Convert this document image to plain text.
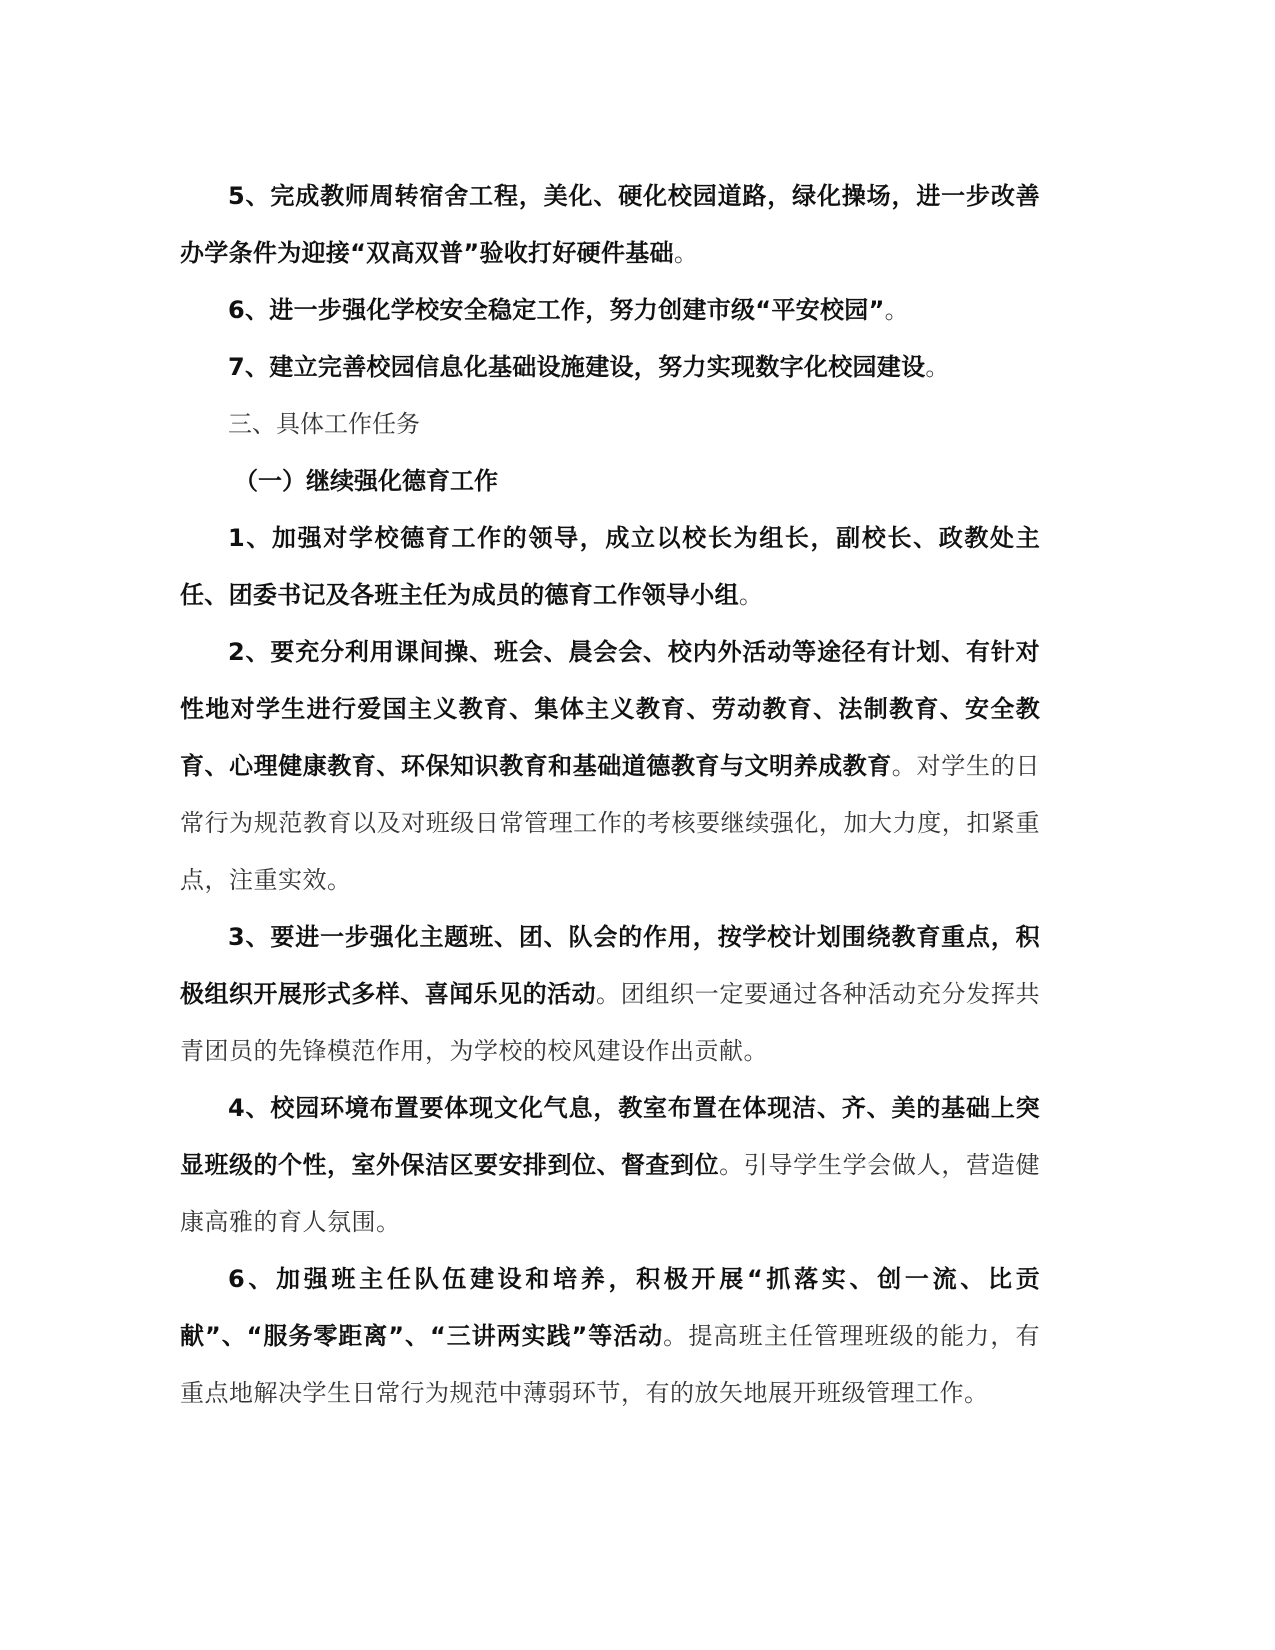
5、完成教师周转宿舍工程，美化、硬化校园道路，绿化操场，进一步改善办学条件为迎接“双高双普”验收打好硬件基础。

6、进一步强化学校安全稳定工作，努力创建市级“平安校园”。

7、建立完善校园信息化基础设施建设，努力实现数字化校园建设。

三、具体工作任务

（一）继续强化德育工作

1、加强对学校德育工作的领导，成立以校长为组长，副校长、政教处主任、团委书记及各班主任为成员的德育工作领导小组。

2、要充分利用课间操、班会、晨会会、校内外活动等途径有计划、有针对性地对学生进行爱国主义教育、集体主义教育、劳动教育、法制教育、安全教育、心理健康教育、环保知识教育和基础道德教育与文明养成教育。对学生的日常行为规范教育以及对班级日常管理工作的考核要继续强化，加大力度，扣紧重点，注重实效。

3、要进一步强化主题班、团、队会的作用，按学校计划围绕教育重点，积极组织开展形式多样、喜闻乐见的活动。团组织一定要通过各种活动充分发挥共青团员的先锋模范作用，为学校的校风建设作出贡献。

4、校园环境布置要体现文化气息，教室布置在体现洁、齐、美的基础上突显班级的个性，室外保洁区要安排到位、督查到位。引导学生学会做人，营造健康高雅的育人氛围。

6、加强班主任队伍建设和培养，积极开展“抓落实、创一流、比贡献”、“服务零距离”、“三讲两实践”等活动。提高班主任管理班级的能力，有重点地解决学生日常行为规范中薄弱环节，有的放矢地展开班级管理工作。
